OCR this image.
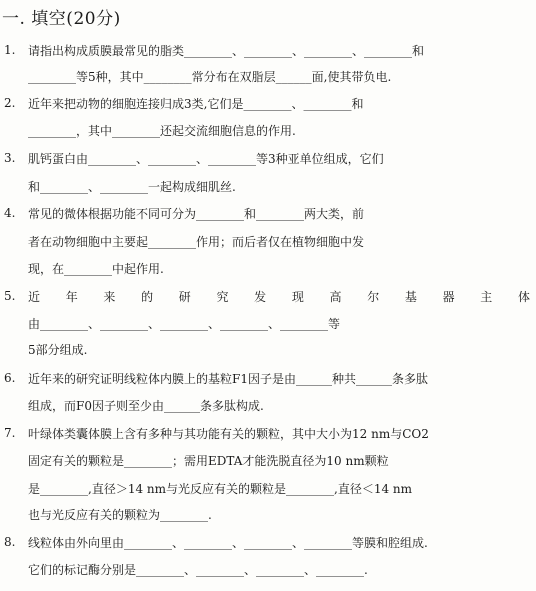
一. 填空(20分)
1.	请指出构成质膜最常见的脂类________、________、________、________和
________等5种，其中________常分布在双脂层______面,使其带负电.
2.	近年来把动物的细胞连接归成3类,它们是________、________和
________，其中________还起交流细胞信息的作用.
3.	肌钙蛋白由________、________、________等3种亚单位组成，它们
和________、________一起构成细肌丝.
4.	常见的微体根据功能不同可分为________和________两大类，前
者在动物细胞中主要起________作用；而后者仅在植物细胞中发
现，在________中起作用.
5.	近 年 来 的 研 究 发 现 高 尔 基 器 主 体
由________、________、________、________、________等
5部分组成.
6.	近年来的研究证明线粒体内膜上的基粒F1因子是由______种共______条多肽
组成，而F0因子则至少由______条多肽构成.
7.	叶绿体类囊体膜上含有多种与其功能有关的颗粒，其中大小为12 nm与CO2
固定有关的颗粒是________；需用EDTA才能洗脱直径为10 nm颗粒
是________,直径＞14 nm与光反应有关的颗粒是________,直径＜14 nm
也与光反应有关的颗粒为________.
8.	线粒体由外向里由________、________、________、________等膜和腔组成.
它们的标记酶分别是________、________、________、________.
